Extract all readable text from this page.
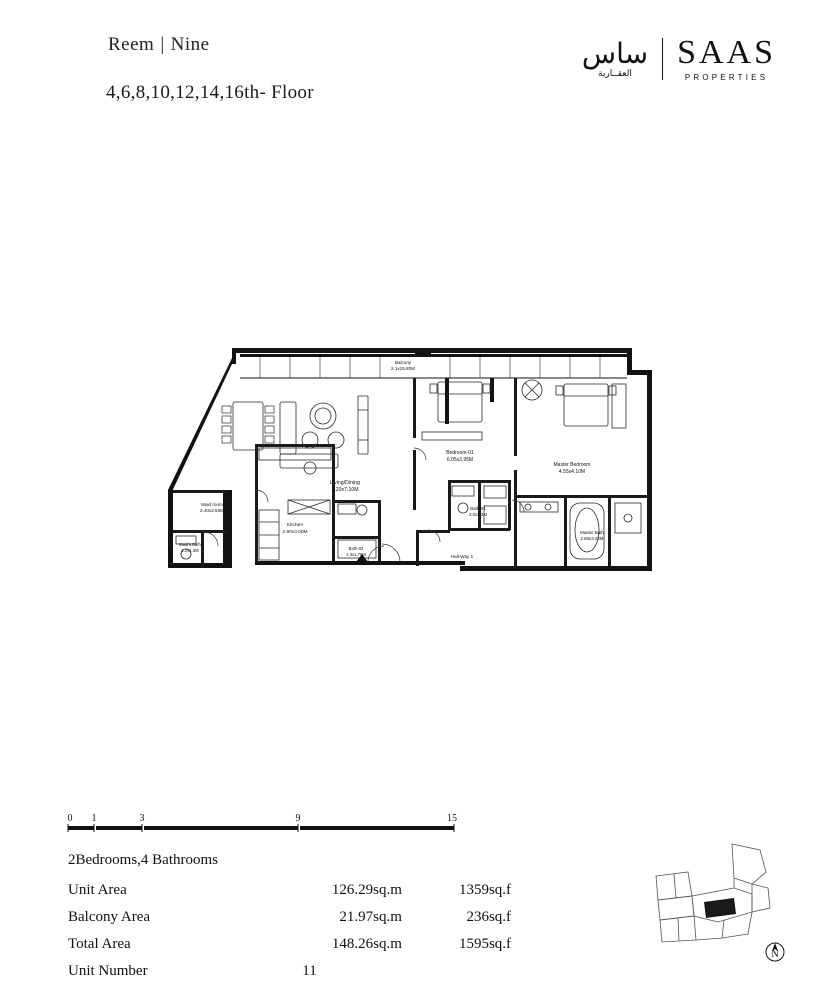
Reem | Nine
4,6,8,10,12,14,16th- Floor
ساس
العقــارية
SAAS
PROPERTIES
Balcony
2.1x15.80M
Living/Dining
7.20x7.10M
Bedroom-01
6.05x3.95M
Master Bedroom
4.55x4.10M
Maid room
2.40x2.50M
Kitchen
2.90x3.00M
Maid's Bath
1.2x1.3M	Bath-02
1.3x1.75M
Bath-01
2.0x2.3M
Master Bath
2.80x3.20M
Hall-Way 1
0 1	3	9	15
2Bedrooms,4 Bathrooms
Unit Area	126.29	sq.m	1359	sq.f
Balcony Area	21.97	sq.m	236	sq.f
Total Area	148.26	sq.m	1595	sq.f
Unit Number	11			
N
